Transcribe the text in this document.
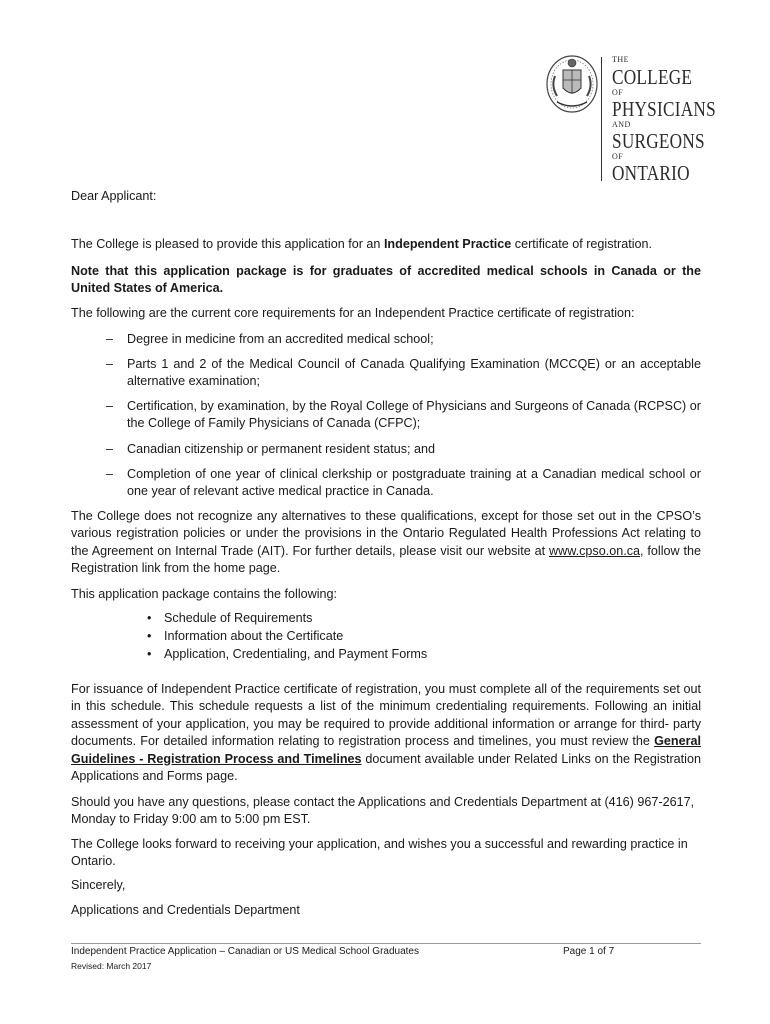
THE
COLLEGE
OF
PHYSICIANS
AND
SURGEONS
OF
ONTARIO
Dear Applicant:
The College is pleased to provide this application for an Independent Practice certificate of registration.
Note that this application package is for graduates of accredited medical schools in Canada or the United States of America.
The following are the current core requirements for an Independent Practice certificate of registration:
– Degree in medicine from an accredited medical school;
– Parts 1 and 2 of the Medical Council of Canada Qualifying Examination (MCCQE) or an acceptable alternative examination;
– Certification, by examination, by the Royal College of Physicians and Surgeons of Canada (RCPSC) or the College of Family Physicians of Canada (CFPC);
– Canadian citizenship or permanent resident status; and
– Completion of one year of clinical clerkship or postgraduate training at a Canadian medical school or one year of relevant active medical practice in Canada.
The College does not recognize any alternatives to these qualifications, except for those set out in the CPSO’s various registration policies or under the provisions in the Ontario Regulated Health Professions Act relating to the Agreement on Internal Trade (AIT). For further details, please visit our website at www.cpso.on.ca, follow the Registration link from the home page.
This application package contains the following:
• Schedule of Requirements
• Information about the Certificate
• Application, Credentialing, and Payment Forms
For issuance of Independent Practice certificate of registration, you must complete all of the requirements set out in this schedule. This schedule requests a list of the minimum credentialing requirements. Following an initial assessment of your application, you may be required to provide additional information or arrange for third- party documents. For detailed information relating to registration process and timelines, you must review the General Guidelines - Registration Process and Timelines document available under Related Links on the Registration Applications and Forms page.
Should you have any questions, please contact the Applications and Credentials Department at (416) 967-2617, Monday to Friday 9:00 am to 5:00 pm EST.
The College looks forward to receiving your application, and wishes you a successful and rewarding practice in Ontario.
Sincerely,
Applications and Credentials Department
Independent Practice Application – Canadian or US Medical School Graduates	Page 1 of 7
Revised: March 2017
